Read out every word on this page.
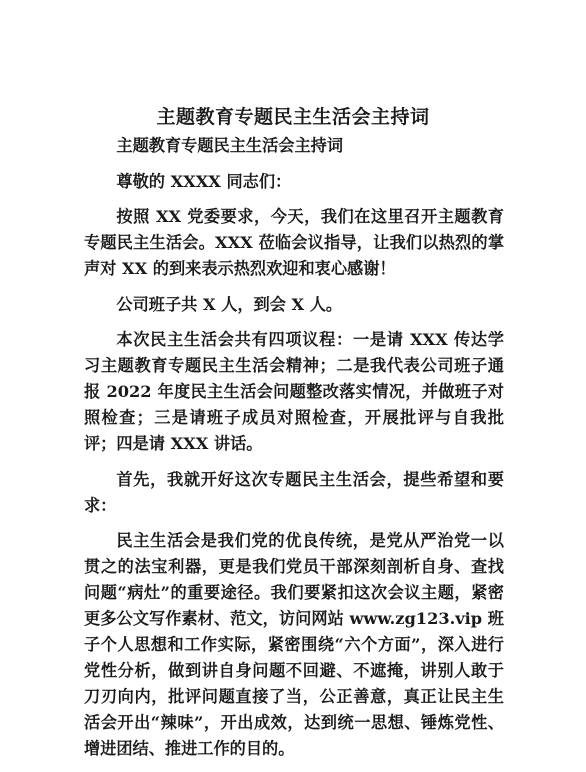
主题教育专题民主生活会主持词

主题教育专题民主生活会主持词

尊敬的 XXXX 同志们：

按照 XX 党委要求，今天，我们在这里召开主题教育专题民主生活会。XXX 莅临会议指导，让我们以热烈的掌声对 XX 的到来表示热烈欢迎和衷心感谢！

公司班子共 X 人，到会 X 人。

本次民主生活会共有四项议程：一是请 XXX 传达学习主题教育专题民主生活会精神；二是我代表公司班子通报 2022 年度民主生活会问题整改落实情况，并做班子对照检查；三是请班子成员对照检查，开展批评与自我批评；四是请 XXX 讲话。

首先，我就开好这次专题民主生活会，提些希望和要求：

民主生活会是我们党的优良传统，是党从严治党一以贯之的法宝利器，更是我们党员干部深刻剖析自身、查找问题“病灶”的重要途径。我们要紧扣这次会议主题，紧密更多公文写作素材、范文，访问网站 www.zg123.vip 班子个人思想和工作实际，紧密围绕“六个方面”，深入进行党性分析，做到讲自身问题不回避、不遮掩，讲别人敢于刀刃向内，批评问题直接了当，公正善意，真正让民主生活会开出“辣味”，开出成效，达到统一思想、锤炼党性、增进团结、推进工作的目的。
